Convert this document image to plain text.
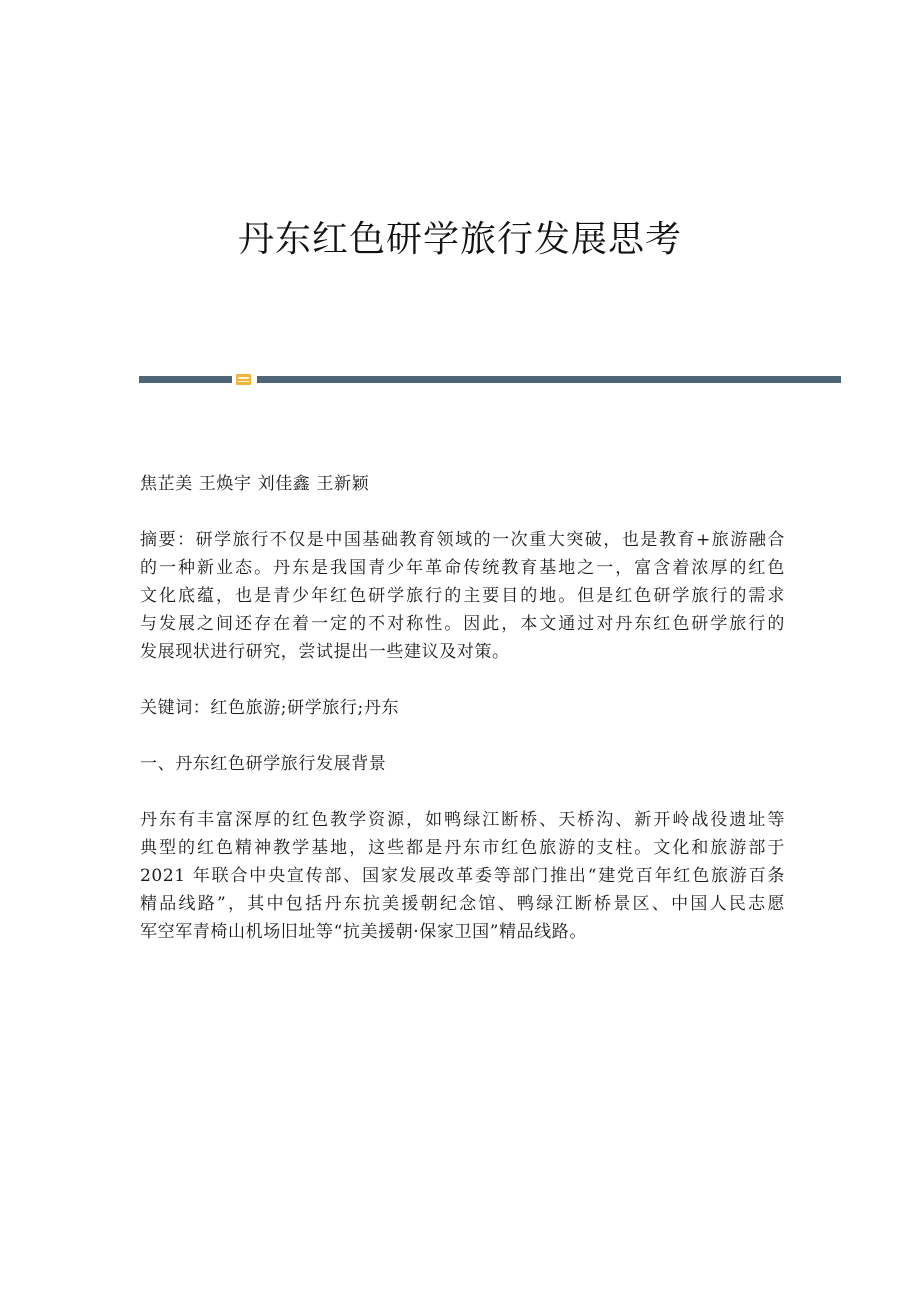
丹东红色研学旅行发展思考
焦芷美 王焕宇 刘佳鑫 王新颖
摘要：研学旅行不仅是中国基础教育领域的一次重大突破，也是教育+旅游融合
的一种新业态。丹东是我国青少年革命传统教育基地之一，富含着浓厚的红色
文化底蕴，也是青少年红色研学旅行的主要目的地。但是红色研学旅行的需求
与发展之间还存在着一定的不对称性。因此，本文通过对丹东红色研学旅行的
发展现状进行研究，尝试提出一些建议及对策。
关键词：红色旅游;研学旅行;丹东
一、丹东红色研学旅行发展背景
丹东有丰富深厚的红色教学资源，如鸭绿江断桥、天桥沟、新开岭战役遗址等
典型的红色精神教学基地，这些都是丹东市红色旅游的支柱。文化和旅游部于
2021 年联合中央宣传部、国家发展改革委等部门推出“建党百年红色旅游百条
精品线路”，其中包括丹东抗美援朝纪念馆、鸭绿江断桥景区、中国人民志愿
军空军青椅山机场旧址等“抗美援朝·保家卫国”精品线路。
